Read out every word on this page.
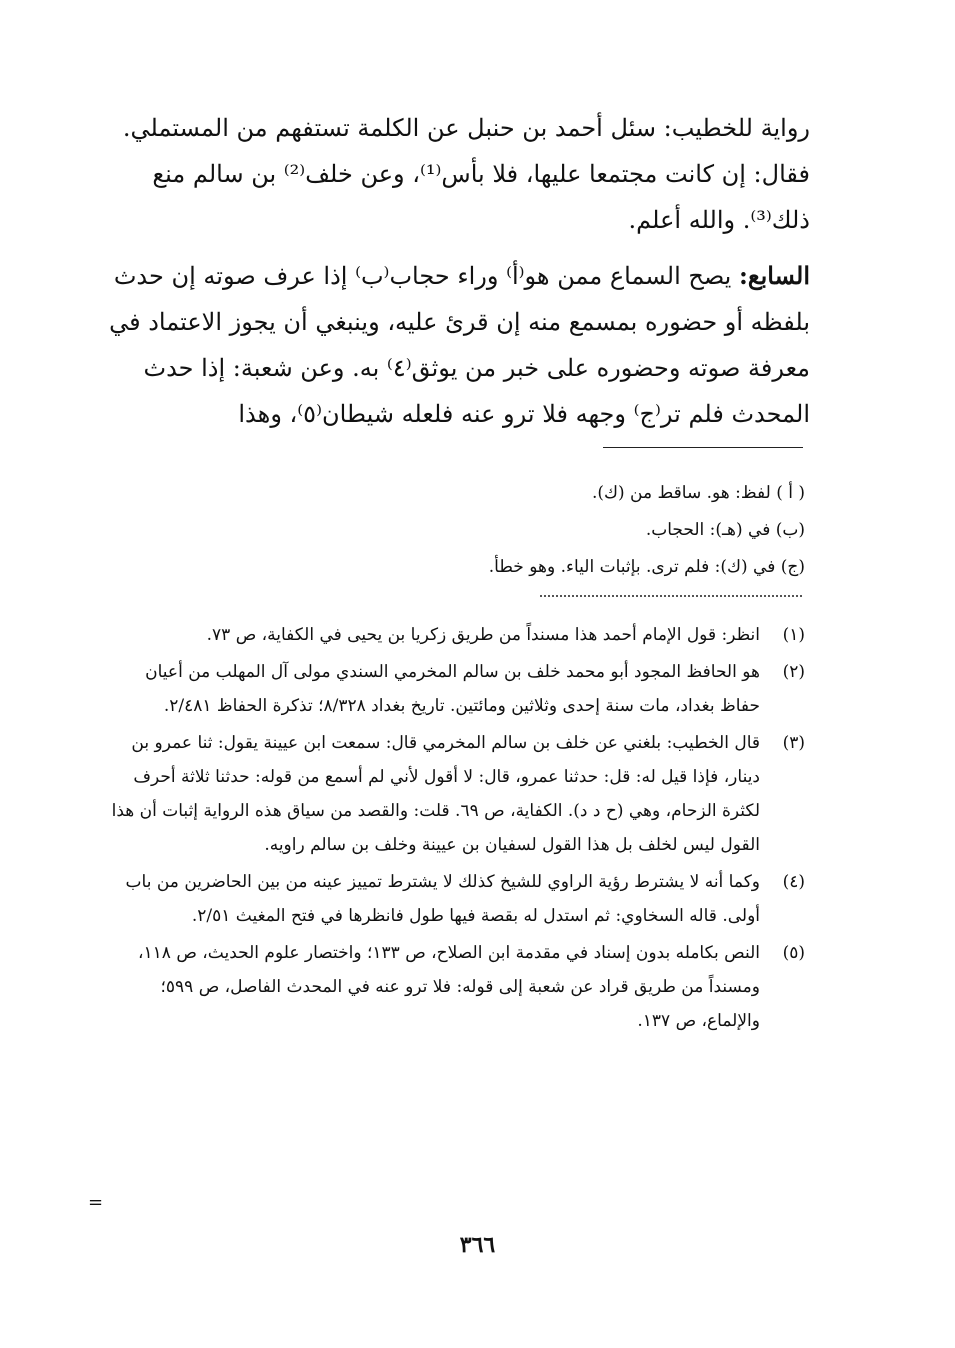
رواية للخطيب: سئل أحمد بن حنبل عن الكلمة تستفهم من المستملي. فقال: إن كانت مجتمعا عليها، فلا بأس⁽¹⁾، وعن خلف⁽²⁾ بن سالم منع ذلك⁽³⁾. والله أعلم.

السابع: يصح السماع ممن هو⁽أ⁾ وراء حجاب⁽ب⁾ إذا عرف صوته إن حدث بلفظه أو حضوره بمسمع منه إن قرئ عليه، وينبغي أن يجوز الاعتماد في معرفة صوته وحضوره على خبر من يوثق⁽٤⁾ به. وعن شعبة: إذا حدث المحدث فلم تر⁽ج⁾ وجهه فلا ترو عنه فلعله شيطان⁽٥⁾، وهذا

( أ ) لفظ: هو. ساقط من (ك).
(ب) في (هـ): الحجاب.
(ج) في (ك): فلم ترى. بإثبات الياء. وهو خطأ.
(١)
انظر: قول الإمام أحمد هذا مسنداً من طريق زكريا بن يحيى في الكفاية، ص ٧٣.
(٢)
هو الحافظ المجود أبو محمد خلف بن سالم المخرمي السندي مولى آل المهلب من أعيان حفاظ بغداد، مات سنة إحدى وثلاثين ومائتين. تاريخ بغداد ٨/٣٢٨؛ تذكرة الحفاظ ٢/٤٨١.
(٣)
قال الخطيب: بلغني عن خلف بن سالم المخرمي قال: سمعت ابن عيينة يقول: ثنا عمرو بن دينار، فإذا قيل له: قل: حدثنا عمرو، قال: لا أقول لأني لم أسمع من قوله: حدثنا ثلاثة أحرف لكثرة الزحام، وهي (ح د د). الكفاية، ص ٦٩. قلت: والقصد من سياق هذه الرواية إثبات أن هذا القول ليس لخلف بل هذا القول لسفيان بن عيينة وخلف بن سالم راويه.
(٤)
وكما أنه لا يشترط رؤية الراوي للشيخ كذلك لا يشترط تمييز عينه من بين الحاضرين من باب أولى. قاله السخاوي: ثم استدل له بقصة فيها طول فانظرها في فتح المغيث ٢/٥١.
(٥)
النص بكامله بدون إسناد في مقدمة ابن الصلاح، ص ١٣٣؛ واختصار علوم الحديث، ص ١١٨، ومسنداً من طريق قراد عن شعبة إلى قوله: فلا ترو عنه في المحدث الفاصل، ص ٥٩٩؛ والإلماع، ص ١٣٧.
=
٣٦٦
